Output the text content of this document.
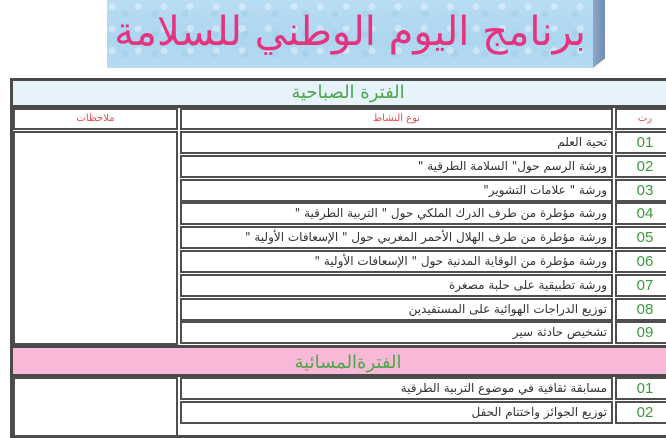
برنامج اليوم الوطني للسلامة
الفترة الصباحية
رت
نوع النشاط
ملاحظات
01
تحية العلم
02
ورشة الرسم حول" السلامة الطرقية "
03
ورشة " علامات التشوير"
04
ورشة مؤطرة من طرف الدرك الملكي حول " التربية الطرقية "
05
ورشة مؤطرة من طرف الهلال الأحمر المغربي حول " الإسعافات الأولية "
06
ورشة مؤطرة من الوقاية المدنية حول " الإسعافات الأولية "
07
ورشة تطبيقية على حلبة مصغرة
08
توزيع الدراجات الهوائية على المستفيدين
09
تشخيص حادثة سير
الفترةالمسائية
01
مسابقة ثقافية في موضوع التربية الطرقية
02
توزيع الجوائز واختتام الحفل
